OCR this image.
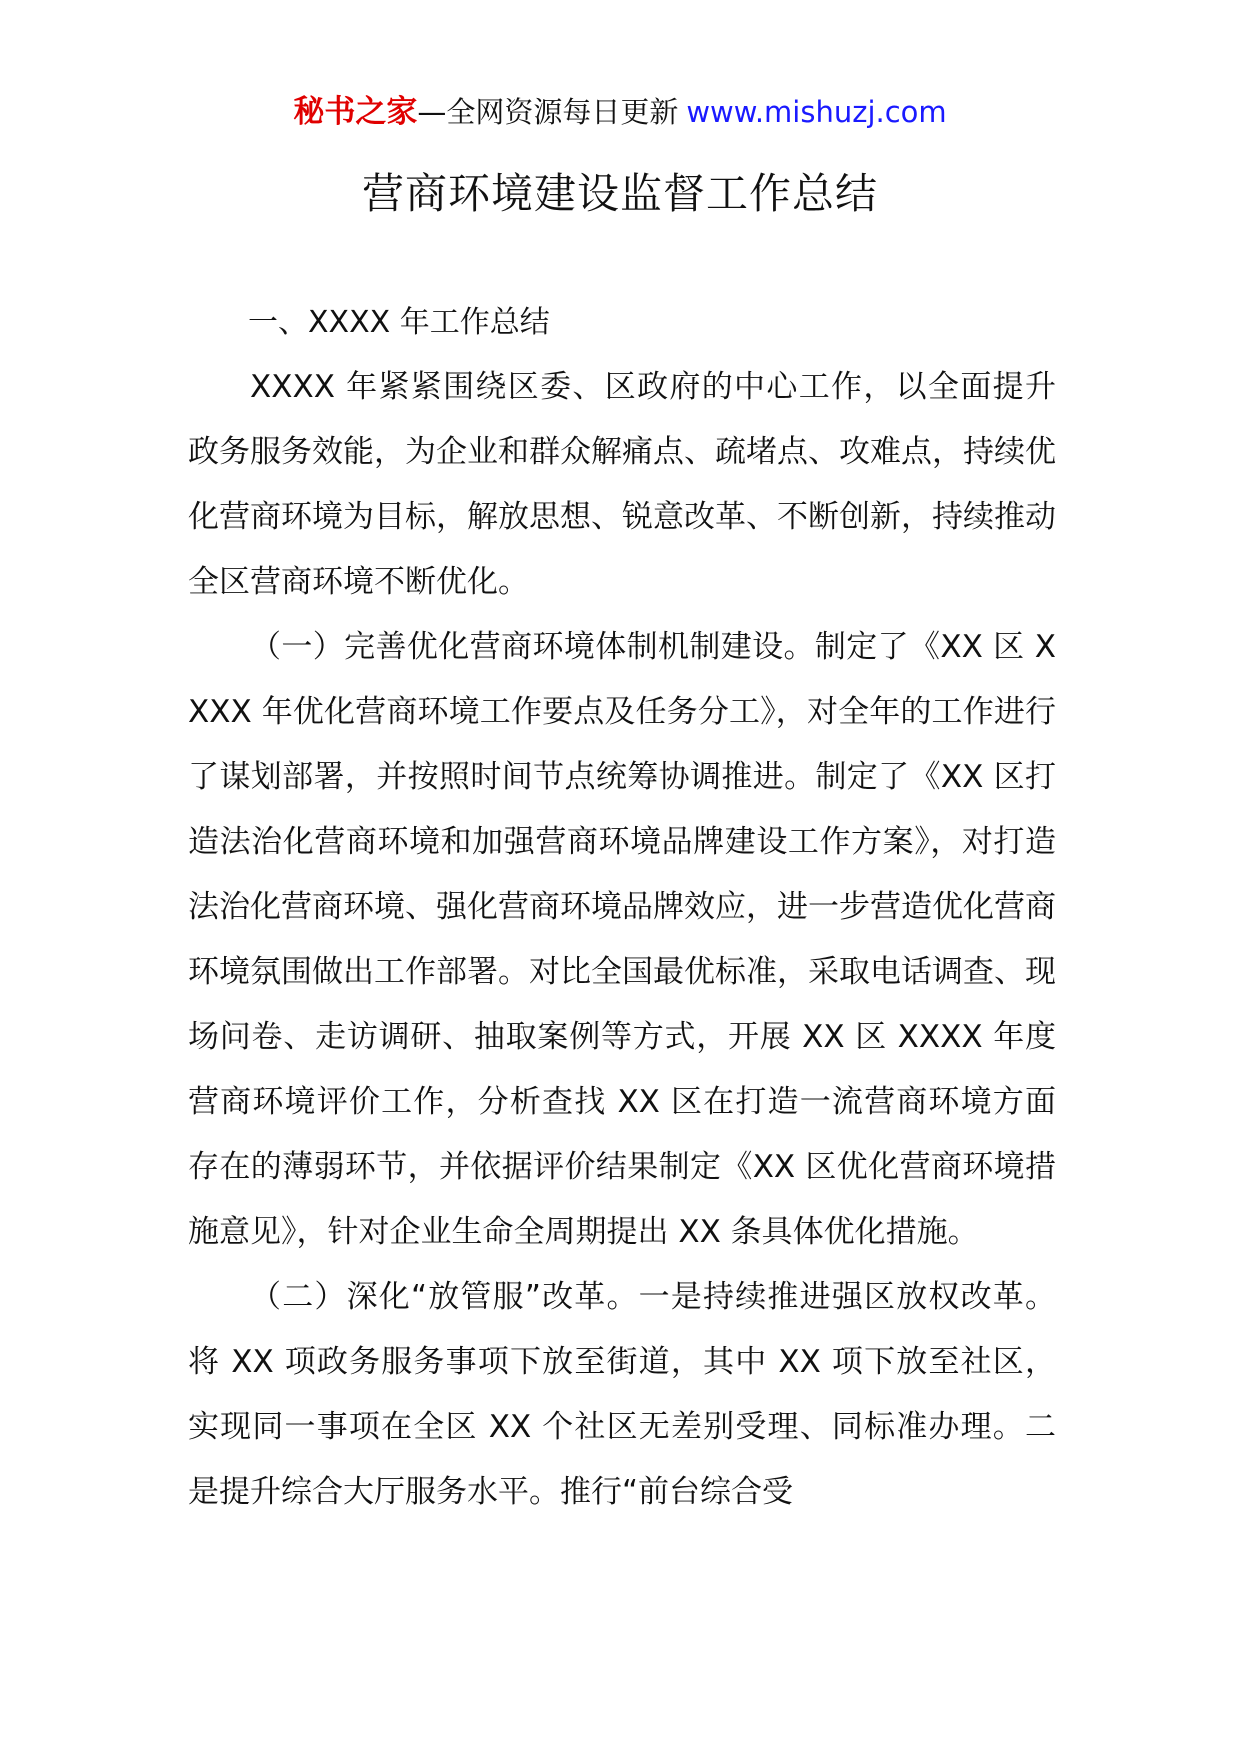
秘书之家—全网资源每日更新 www.mishuzj.com
营商环境建设监督工作总结

一、XXXX 年工作总结

XXXX 年紧紧围绕区委、区政府的中心工作，以全面提升政务服务效能，为企业和群众解痛点、疏堵点、攻难点，持续优化营商环境为目标，解放思想、锐意改革、不断创新，持续推动全区营商环境不断优化。

（一）完善优化营商环境体制机制建设。制定了《XX 区 XXXX 年优化营商环境工作要点及任务分工》，对全年的工作进行了谋划部署，并按照时间节点统筹协调推进。制定了《XX 区打造法治化营商环境和加强营商环境品牌建设工作方案》，对打造法治化营商环境、强化营商环境品牌效应，进一步营造优化营商环境氛围做出工作部署。对比全国最优标准，采取电话调查、现场问卷、走访调研、抽取案例等方式，开展 XX 区 XXXX 年度营商环境评价工作，分析查找 XX 区在打造一流营商环境方面存在的薄弱环节，并依据评价结果制定《XX 区优化营商环境措施意见》，针对企业生命全周期提出 XX 条具体优化措施。

（二）深化“放管服”改革。一是持续推进强区放权改革。将 XX 项政务服务事项下放至街道，其中 XX 项下放至社区，实现同一事项在全区 XX 个社区无差别受理、同标准办理。二是提升综合大厅服务水平。推行“前台综合受
